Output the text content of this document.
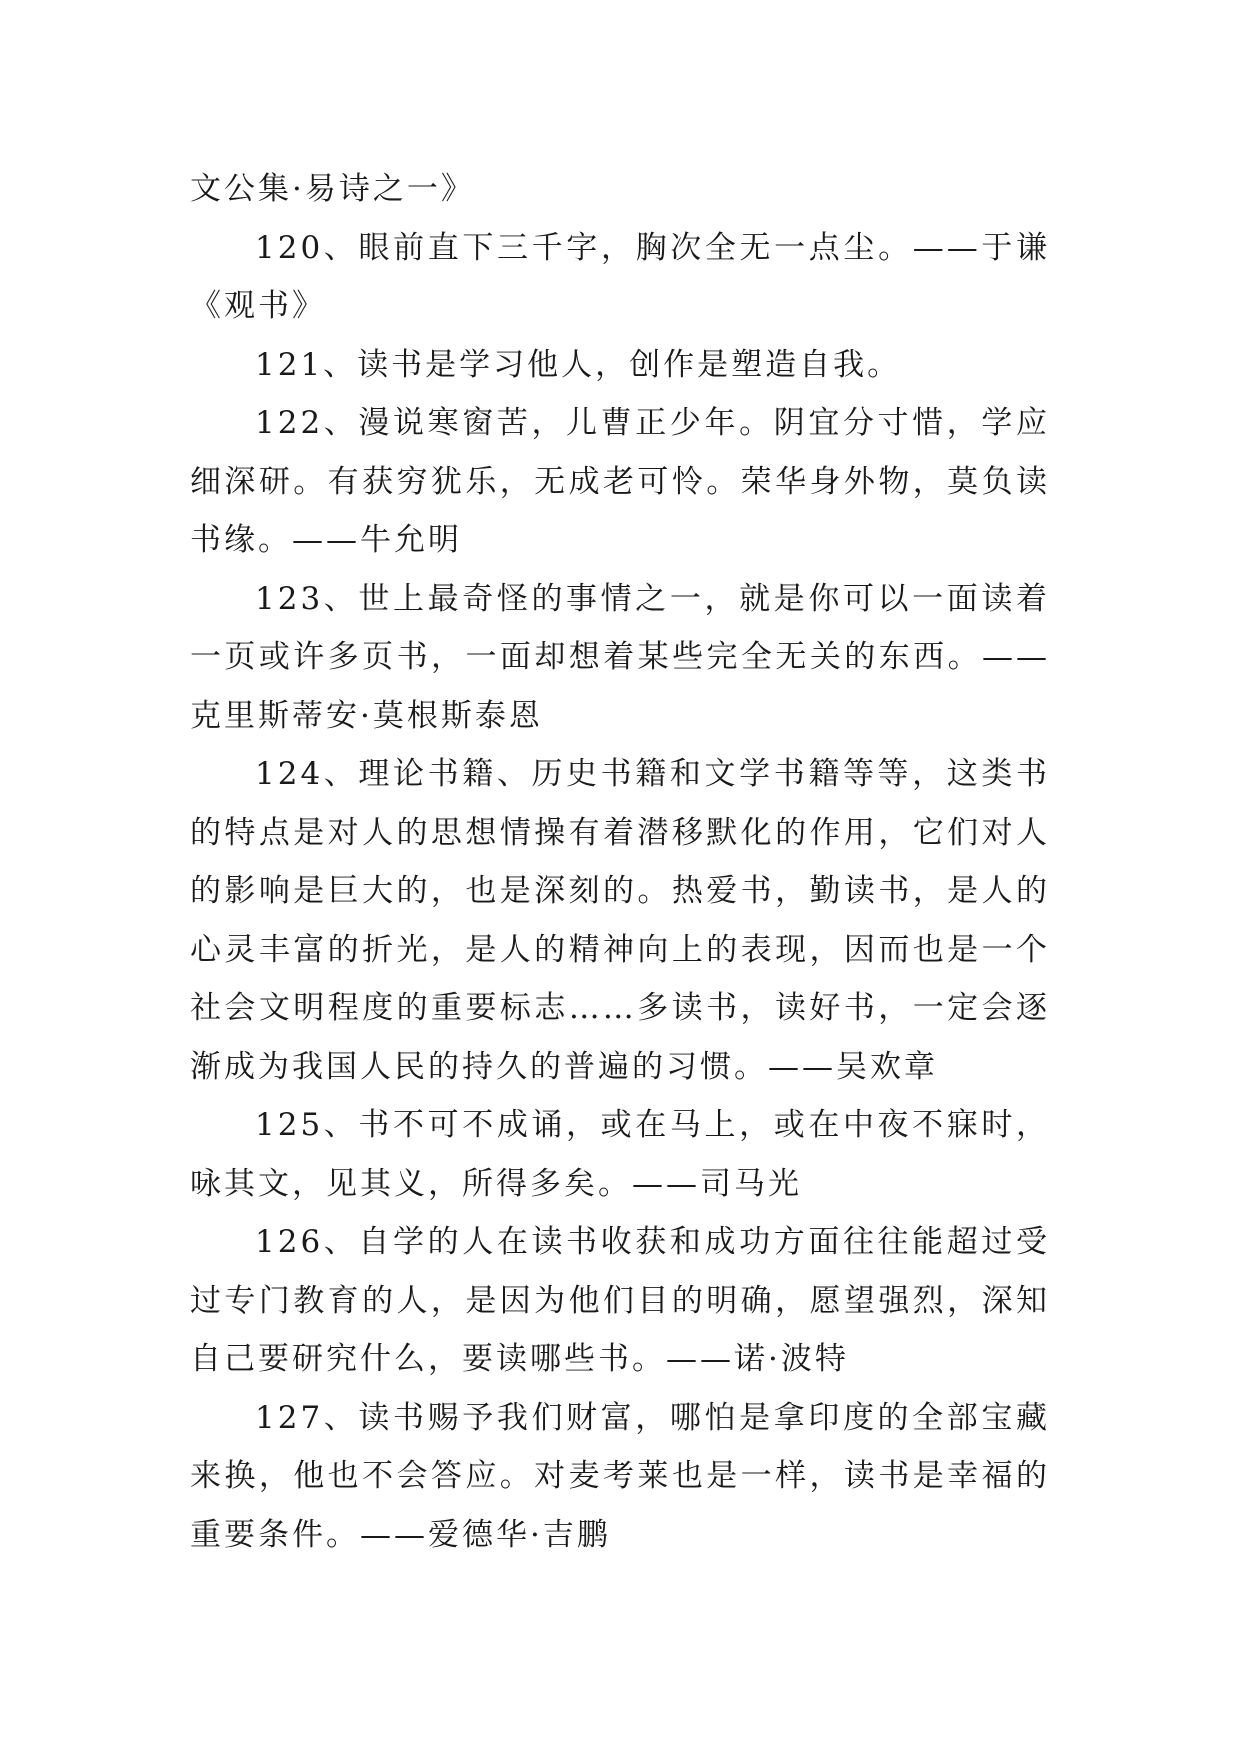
文公集·易诗之一》

120、眼前直下三千字，胸次全无一点尘。——于谦《观书》

121、读书是学习他人，创作是塑造自我。

122、漫说寒窗苦，儿曹正少年。阴宜分寸惜，学应细深研。有获穷犹乐，无成老可怜。荣华身外物，莫负读书缘。——牛允明

123、世上最奇怪的事情之一，就是你可以一面读着一页或许多页书，一面却想着某些完全无关的东西。——克里斯蒂安·莫根斯泰恩

124、理论书籍、历史书籍和文学书籍等等，这类书的特点是对人的思想情操有着潜移默化的作用，它们对人的影响是巨大的，也是深刻的。热爱书，勤读书，是人的心灵丰富的折光，是人的精神向上的表现，因而也是一个社会文明程度的重要标志……多读书，读好书，一定会逐渐成为我国人民的持久的普遍的习惯。——吴欢章

125、书不可不成诵，或在马上，或在中夜不寐时，咏其文，见其义，所得多矣。——司马光

126、自学的人在读书收获和成功方面往往能超过受过专门教育的人，是因为他们目的明确，愿望强烈，深知自己要研究什么，要读哪些书。——诺·波特

127、读书赐予我们财富，哪怕是拿印度的全部宝藏来换，他也不会答应。对麦考莱也是一样，读书是幸福的重要条件。——爱德华·吉鹏
